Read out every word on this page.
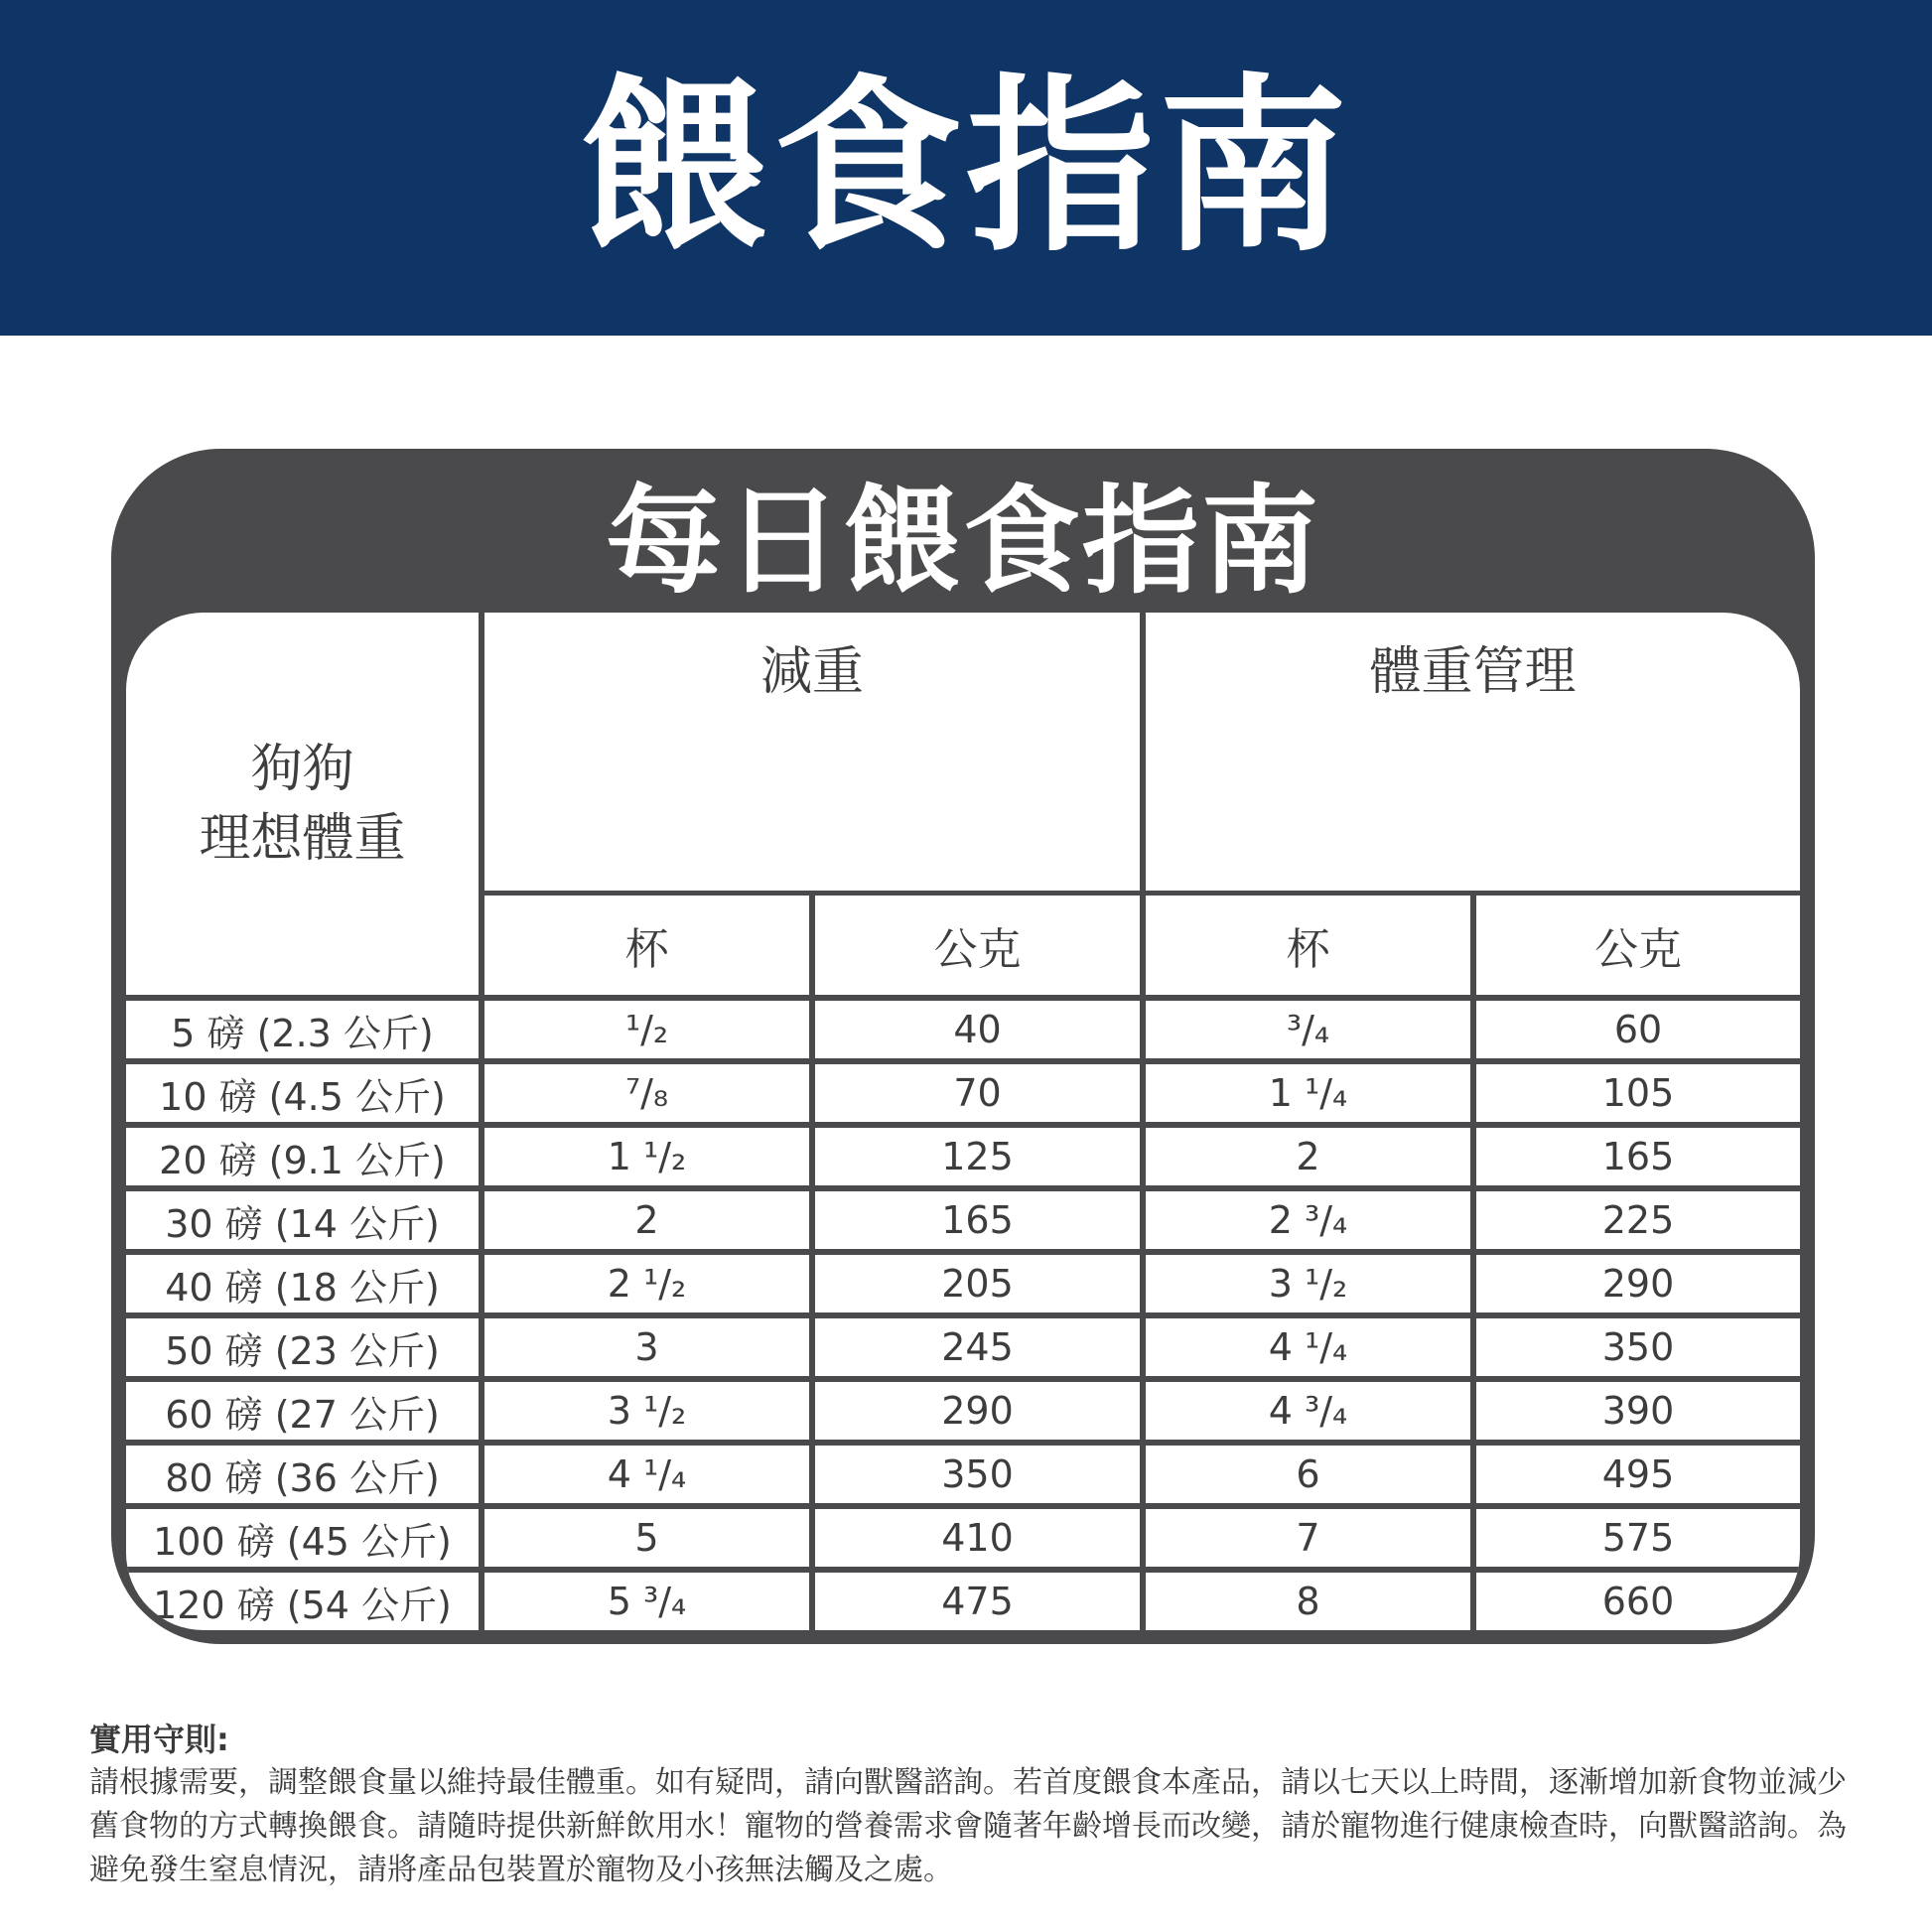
餵食指南
每日餵食指南
狗狗
理想體重
減重	體重管理
杯	公克	杯	公克
5 磅 (2.3 公斤)	¹/₂	40	³/₄	60
10 磅 (4.5 公斤)	⁷/₈	70	1 ¹/₄	105
20 磅 (9.1 公斤)	1 ¹/₂	125	2	165
30 磅 (14 公斤)	2	165	2 ³/₄	225
40 磅 (18 公斤)	2 ¹/₂	205	3 ¹/₂	290
50 磅 (23 公斤)	3	245	4 ¹/₄	350
60 磅 (27 公斤)	3 ¹/₂	290	4 ³/₄	390
80 磅 (36 公斤)	4 ¹/₄	350	6	495
100 磅 (45 公斤)	5	410	7	575
120 磅 (54 公斤)	5 ³/₄	475	8	660
實用守則:
請根據需要，調整餵食量以維持最佳體重。如有疑問，請向獸醫諮詢。若首度餵食本產品，請以七天以上時間，逐漸增加新食物並減少舊食物的方式轉換餵食。請隨時提供新鮮飲用水！寵物的營養需求會隨著年齡增長而改變，請於寵物進行健康檢查時，向獸醫諮詢。為避免發生窒息情況，請將產品包裝置於寵物及小孩無法觸及之處。
